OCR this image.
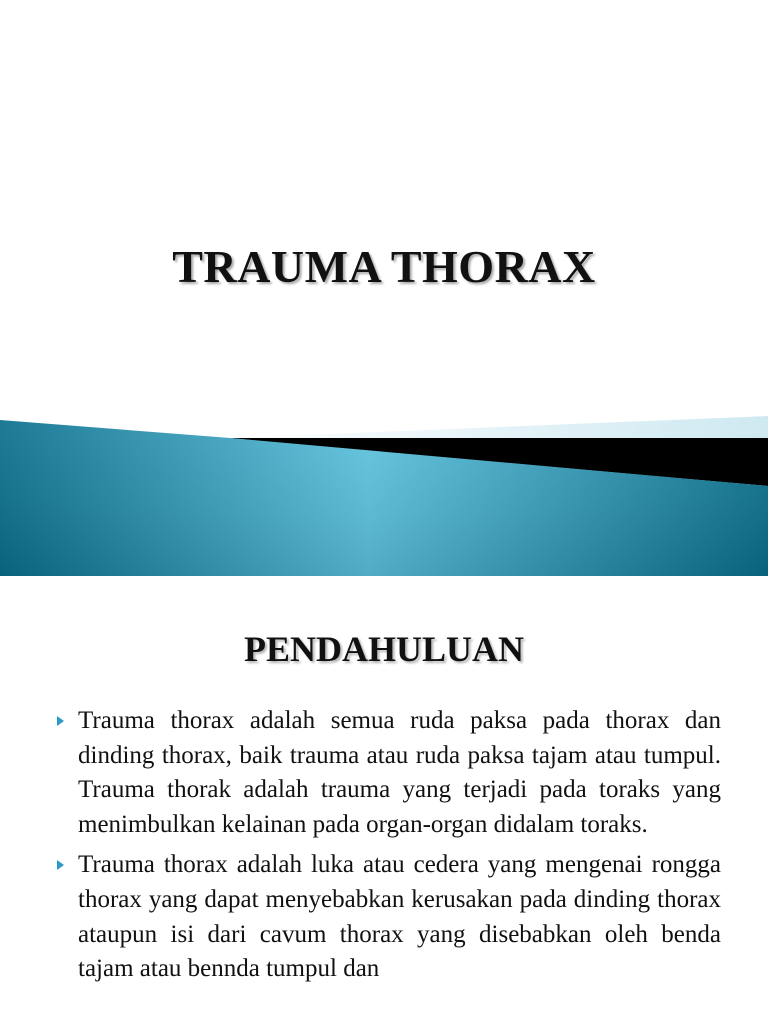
TRAUMA THORAX
PENDAHULUAN
Trauma thorax adalah semua ruda paksa pada thorax dan dinding thorax, baik trauma atau ruda paksa tajam atau tumpul. Trauma thorak adalah trauma yang terjadi pada toraks yang menimbulkan kelainan pada organ-organ didalam toraks.
Trauma thorax adalah luka atau cedera yang mengenai rongga thorax yang dapat menyebabkan kerusakan pada dinding thorax ataupun isi dari cavum thorax yang disebabkan oleh benda tajam atau bennda tumpul dan
